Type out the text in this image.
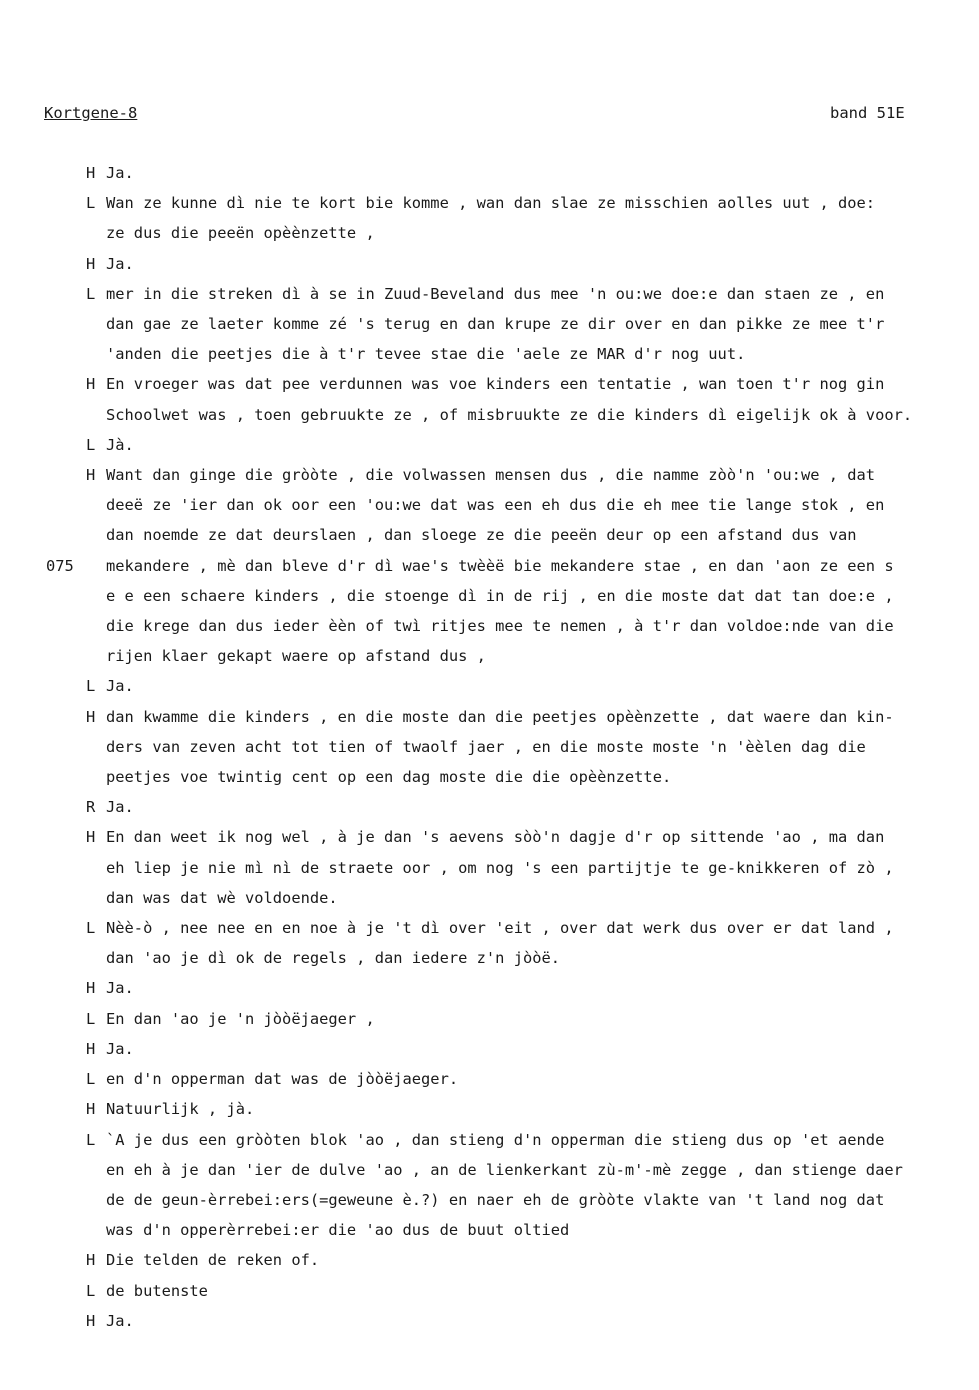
Kortgene-8	band 51E
H Ja.
L Wan ze kunne dì nie te kort bie komme , wan dan slae ze misschien aolles uut , doe:
ze dus die peeën opèènzette ,
H Ja.
L mer in die streken dì à se in Zuud-Beveland dus mee 'n ou:we doe:e dan staen ze , en
dan gae ze laeter komme zé 's terug en dan krupe ze dir over en dan pikke ze mee t'r
'anden die peetjes die à t'r tevee stae die 'aele ze MAR d'r nog uut.
H En vroeger was dat pee verdunnen was voe kinders een tentatie , wan toen t'r nog gin
Schoolwet was , toen gebruukte ze , of misbruukte ze die kinders dì eigelijk ok à voor.
L Jà.
H Want dan ginge die gròòte , die volwassen mensen dus , die namme zòò'n 'ou:we , dat
deeë ze 'ier dan ok oor een 'ou:we dat was een eh dus die eh mee tie lange stok , en
dan noemde ze dat deurslaen , dan sloege ze die peeën deur op een afstand dus van
mekandere , mè dan bleve d'r dì wae's twèèë bie mekandere stae , en dan 'aon ze een s
e e een schaere kinders , die stoenge dì in de rij , en die moste dat dat tan doe:e ,
die krege dan dus ieder èèn of twì ritjes mee te nemen , à t'r dan voldoe:nde van die
rijen klaer gekapt waere op afstand dus ,
075
L Ja.
H dan kwamme die kinders , en die moste dan die peetjes opèènzette , dat waere dan kin-
ders van zeven acht tot tien of twaolf jaer , en die moste moste 'n 'èèlen dag die
peetjes voe twintig cent op een dag moste die die opèènzette.
R Ja.
H En dan weet ik nog wel , à je dan 's aevens sòò'n dagje d'r op sittende 'ao , ma dan
eh liep je nie mì nì de straete oor , om nog 's een partijtje te ge-knikkeren of zò ,
dan was dat wè voldoende.
L Nèè-ò , nee nee en en noe à je 't dì over 'eit , over dat werk dus over er dat land ,
dan 'ao je dì ok de regels , dan iedere z'n jòòë.
H Ja.
L En dan 'ao je 'n jòòëjaeger ,
H Ja.
L en d'n opperman dat was de jòòëjaeger.
H Natuurlijk , jà.
L `A je dus een gròòten blok 'ao , dan stieng d'n opperman die stieng dus op 'et aende
en eh à je dan 'ier de dulve 'ao , an de lienkerkant zù-m'-mè zegge , dan stienge daer
de de geun-èrrebei:ers(=geweune è.?) en naer eh de gròòte vlakte van 't land nog dat
was d'n opperèrrebei:er die 'ao dus de buut oltied
H Die telden de reken of.
L de butenste
H Ja.
